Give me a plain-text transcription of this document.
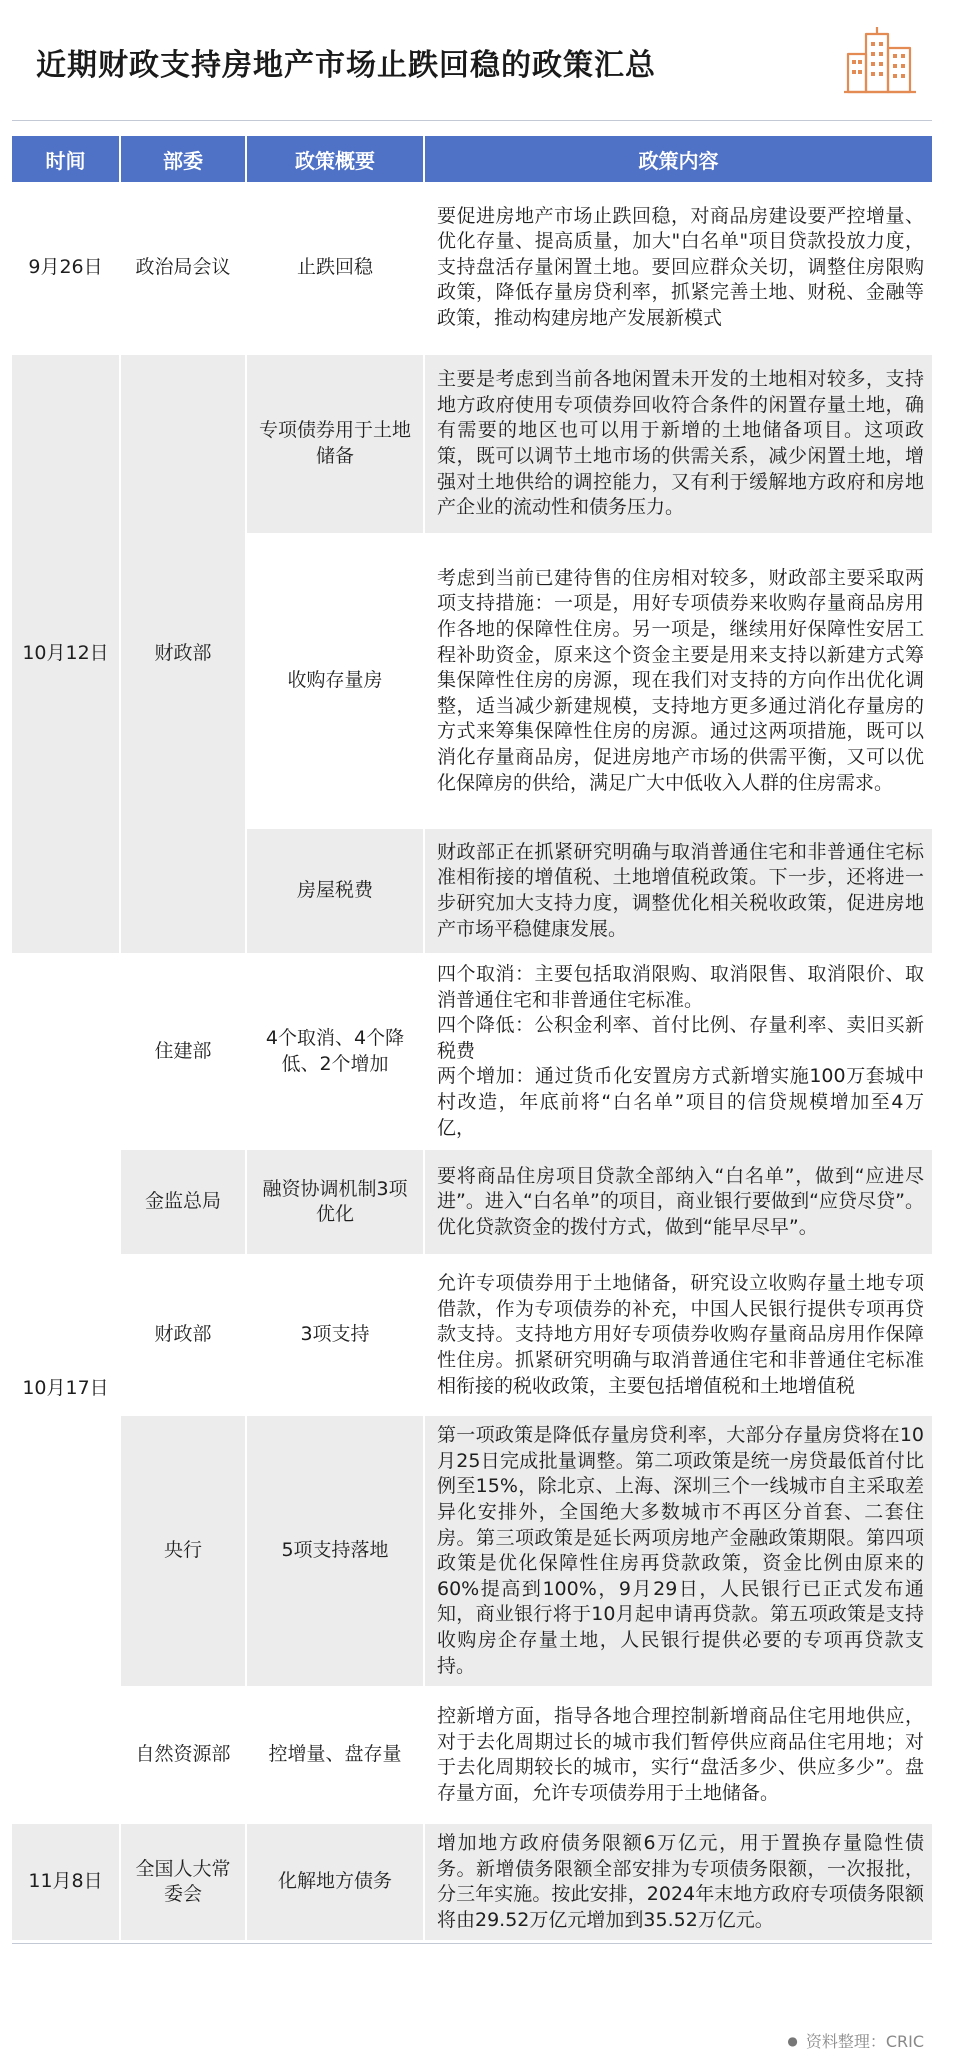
近期财政支持房地产市场止跌回稳的政策汇总
时间	部委	政策概要	政策内容
9月26日	政治局会议	止跌回稳	要促进房地产市场止跌回稳，对商品房建设要严控增量、优化存量、提高质量，加大"白名单"项目贷款投放力度，支持盘活存量闲置土地。要回应群众关切，调整住房限购政策，降低存量房贷利率，抓紧完善土地、财税、金融等政策，推动构建房地产发展新模式
10月12日	财政部	专项债券用于土地储备	主要是考虑到当前各地闲置未开发的土地相对较多，支持地方政府使用专项债券回收符合条件的闲置存量土地，确有需要的地区也可以用于新增的土地储备项目。这项政策，既可以调节土地市场的供需关系，减少闲置土地，增强对土地供给的调控能力，又有利于缓解地方政府和房地产企业的流动性和债务压力。
		收购存量房	考虑到当前已建待售的住房相对较多，财政部主要采取两项支持措施：一项是，用好专项债券来收购存量商品房用作各地的保障性住房。另一项是，继续用好保障性安居工程补助资金，原来这个资金主要是用来支持以新建方式筹集保障性住房的房源，现在我们对支持的方向作出优化调整，适当减少新建规模，支持地方更多通过消化存量房的方式来筹集保障性住房的房源。通过这两项措施，既可以消化存量商品房，促进房地产市场的供需平衡，又可以优化保障房的供给，满足广大中低收入人群的住房需求。
		房屋税费	财政部正在抓紧研究明确与取消普通住宅和非普通住宅标准相衔接的增值税、土地增值税政策。下一步，还将进一步研究加大支持力度，调整优化相关税收政策，促进房地产市场平稳健康发展。
10月17日	住建部	4个取消、4个降低、2个增加	四个取消：主要包括取消限购、取消限售、取消限价、取消普通住宅和非普通住宅标准。
四个降低：公积金利率、首付比例、存量利率、卖旧买新税费
两个增加：通过货币化安置房方式新增实施100万套城中村改造，年底前将“白名单”项目的信贷规模增加至4万亿，

	金监总局	融资协调机制3项优化	要将商品住房项目贷款全部纳入“白名单”，做到“应进尽进”。进入“白名单”的项目，商业银行要做到“应贷尽贷”。优化贷款资金的拨付方式，做到“能早尽早”。
	财政部	3项支持	允许专项债券用于土地储备，研究设立收购存量土地专项借款，作为专项债券的补充，中国人民银行提供专项再贷款支持。支持地方用好专项债券收购存量商品房用作保障性住房。抓紧研究明确与取消普通住宅和非普通住宅标准相衔接的税收政策，主要包括增值税和土地增值税
	央行	5项支持落地	第一项政策是降低存量房贷利率，大部分存量房贷将在10月25日完成批量调整。第二项政策是统一房贷最低首付比例至15%，除北京、上海、深圳三个一线城市自主采取差异化安排外，全国绝大多数城市不再区分首套、二套住房。第三项政策是延长两项房地产金融政策期限。第四项政策是优化保障性住房再贷款政策，资金比例由原来的60%提高到100%，9月29日，人民银行已正式发布通知，商业银行将于10月起申请再贷款。第五项政策是支持收购房企存量土地，人民银行提供必要的专项再贷款支持。
	自然资源部	控增量、盘存量	控新增方面，指导各地合理控制新增商品住宅用地供应，对于去化周期过长的城市我们暂停供应商品住宅用地；对于去化周期较长的城市，实行“盘活多少、供应多少”。盘存量方面，允许专项债券用于土地储备。
11月8日	全国人大常委会	化解地方债务	增加地方政府债务限额6万亿元，用于置换存量隐性债务。新增债务限额全部安排为专项债务限额，一次报批，分三年实施。按此安排，2024年末地方政府专项债务限额将由29.52万亿元增加到35.52万亿元。
● 资料整理：CRIC
